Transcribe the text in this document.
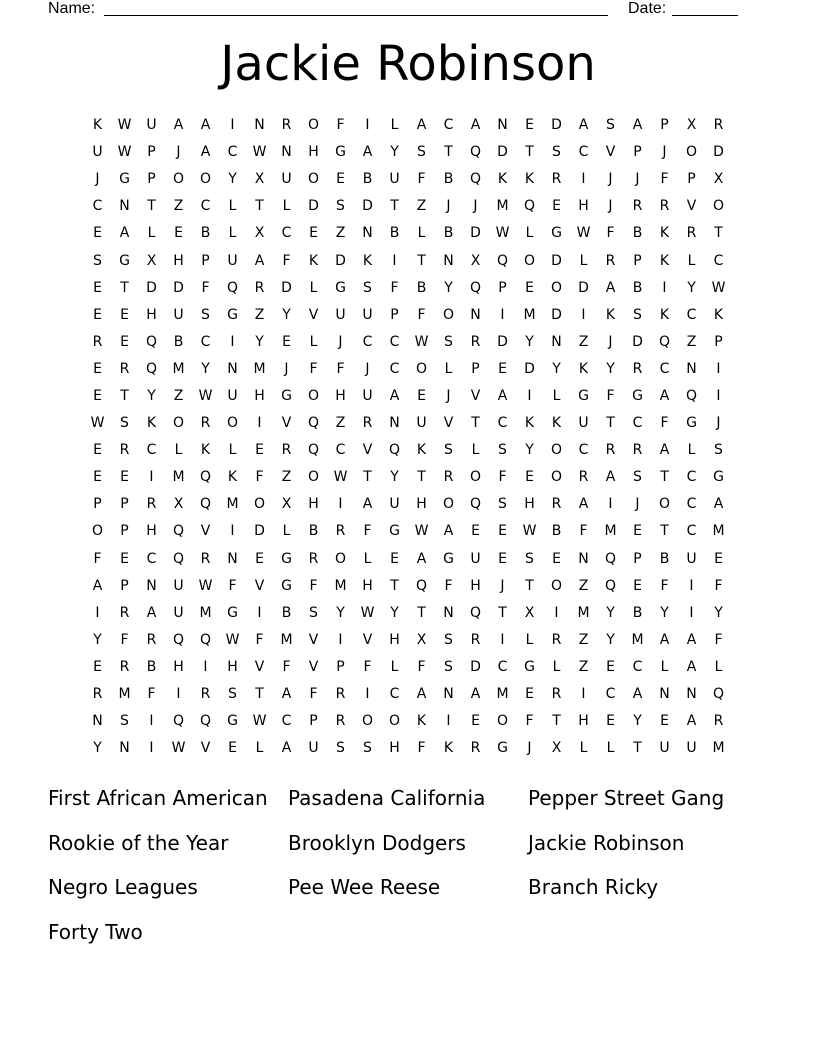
Name:	Date:
Jackie Robinson
K	W	U	A	A	I	N	R	O	F	I	L	A	C	A	N	E	D	A	S	A	P	X	R
U	W	P	J	A	C	W	N	H	G	A	Y	S	T	Q	D	T	S	C	V	P	J	O	D
J	G	P	O	O	Y	X	U	O	E	B	U	F	B	Q	K	K	R	I	J	J	F	P	X
C	N	T	Z	C	L	T	L	D	S	D	T	Z	J	J	M	Q	E	H	J	R	R	V	O
E	A	L	E	B	L	X	C	E	Z	N	B	L	B	D	W	L	G	W	F	B	K	R	T
S	G	X	H	P	U	A	F	K	D	K	I	T	N	X	Q	O	D	L	R	P	K	L	C
E	T	D	D	F	Q	R	D	L	G	S	F	B	Y	Q	P	E	O	D	A	B	I	Y	W
E	E	H	U	S	G	Z	Y	V	U	U	P	F	O	N	I	M	D	I	K	S	K	C	K
R	E	Q	B	C	I	Y	E	L	J	C	C	W	S	R	D	Y	N	Z	J	D	Q	Z	P
E	R	Q	M	Y	N	M	J	F	F	J	C	O	L	P	E	D	Y	K	Y	R	C	N	I
E	T	Y	Z	W	U	H	G	O	H	U	A	E	J	V	A	I	L	G	F	G	A	Q	I
W	S	K	O	R	O	I	V	Q	Z	R	N	U	V	T	C	K	K	U	T	C	F	G	J
E	R	C	L	K	L	E	R	Q	C	V	Q	K	S	L	S	Y	O	C	R	R	A	L	S
E	E	I	M	Q	K	F	Z	O	W	T	Y	T	R	O	F	E	O	R	A	S	T	C	G
P	P	R	X	Q	M	O	X	H	I	A	U	H	O	Q	S	H	R	A	I	J	O	C	A
O	P	H	Q	V	I	D	L	B	R	F	G	W	A	E	E	W	B	F	M	E	T	C	M
F	E	C	Q	R	N	E	G	R	O	L	E	A	G	U	E	S	E	N	Q	P	B	U	E
A	P	N	U	W	F	V	G	F	M	H	T	Q	F	H	J	T	O	Z	Q	E	F	I	F
I	R	A	U	M	G	I	B	S	Y	W	Y	T	N	Q	T	X	I	M	Y	B	Y	I	Y
Y	F	R	Q	Q	W	F	M	V	I	V	H	X	S	R	I	L	R	Z	Y	M	A	A	F
E	R	B	H	I	H	V	F	V	P	F	L	F	S	D	C	G	L	Z	E	C	L	A	L
R	M	F	I	R	S	T	A	F	R	I	C	A	N	A	M	E	R	I	C	A	N	N	Q
N	S	I	Q	Q	G	W	C	P	R	O	O	K	I	E	O	F	T	H	E	Y	E	A	R
Y	N	I	W	V	E	L	A	U	S	S	H	F	K	R	G	J	X	L	L	T	U	U	M
First African American	Pasadena California	Pepper Street Gang
Rookie of the Year	Brooklyn Dodgers	Jackie Robinson
Negro Leagues	Pee Wee Reese	Branch Ricky
Forty Two
